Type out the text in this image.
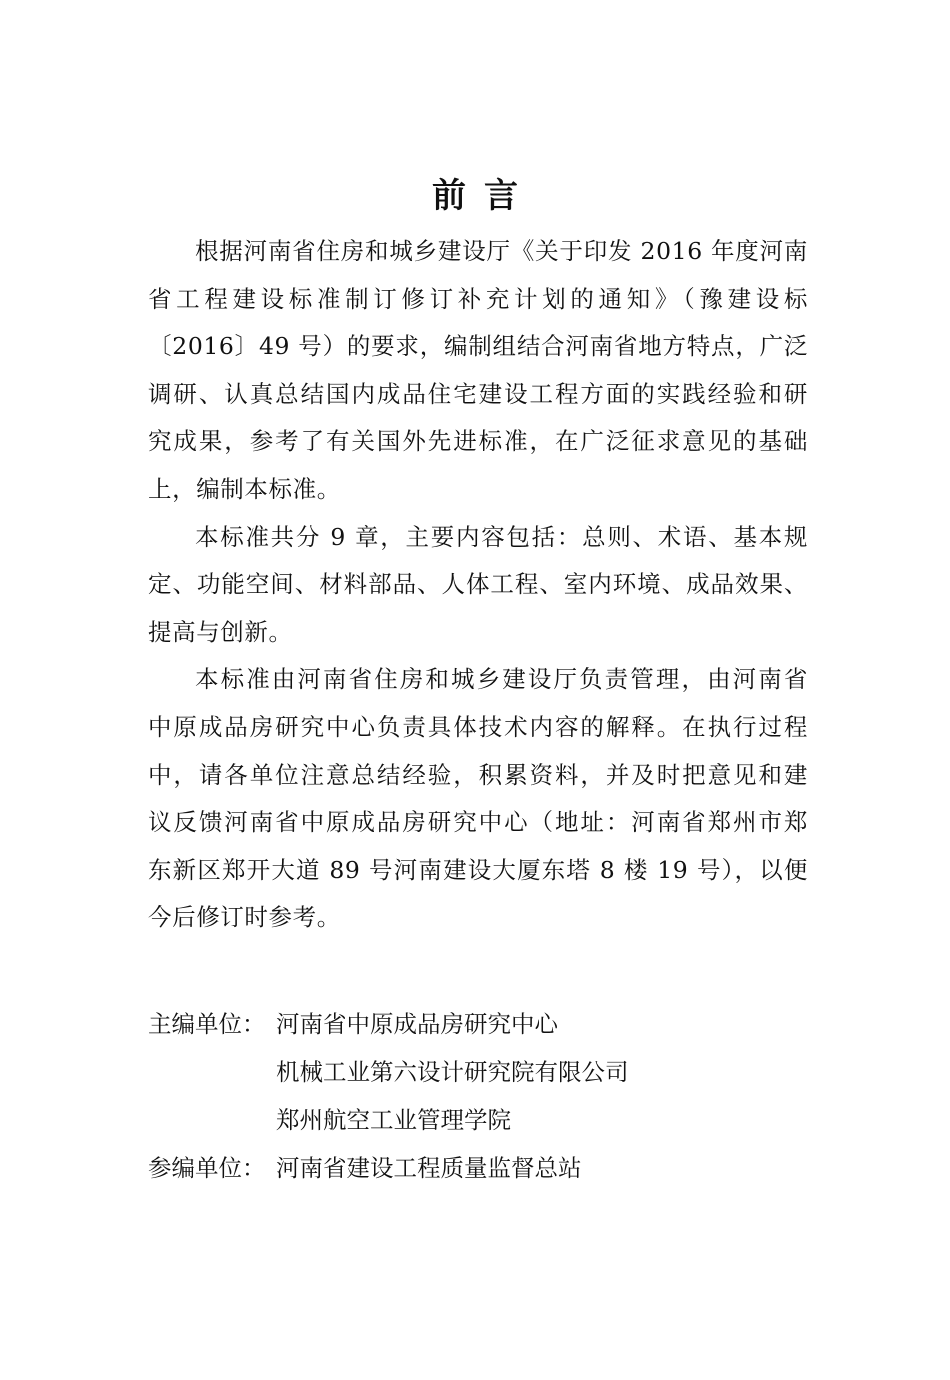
前言

根据河南省住房和城乡建设厅《关于印发 2016 年度河南
省工程建设标准制订修订补充计划的通知》（豫建设标
〔2016〕49 号）的要求，编制组结合河南省地方特点，广泛
调研、认真总结国内成品住宅建设工程方面的实践经验和研
究成果，参考了有关国外先进标准，在广泛征求意见的基础
上，编制本标准。

本标准共分 9 章，主要内容包括：总则、术语、基本规
定、功能空间、材料部品、人体工程、室内环境、成品效果、
提高与创新。

本标准由河南省住房和城乡建设厅负责管理，由河南省
中原成品房研究中心负责具体技术内容的解释。在执行过程
中，请各单位注意总结经验，积累资料，并及时把意见和建
议反馈河南省中原成品房研究中心（地址：河南省郑州市郑
东新区郑开大道 89 号河南建设大厦东塔 8 楼 19 号），以便
今后修订时参考。

主编单位： 河南省中原成品房研究中心
机械工业第六设计研究院有限公司
郑州航空工业管理学院
参编单位： 河南省建设工程质量监督总站
